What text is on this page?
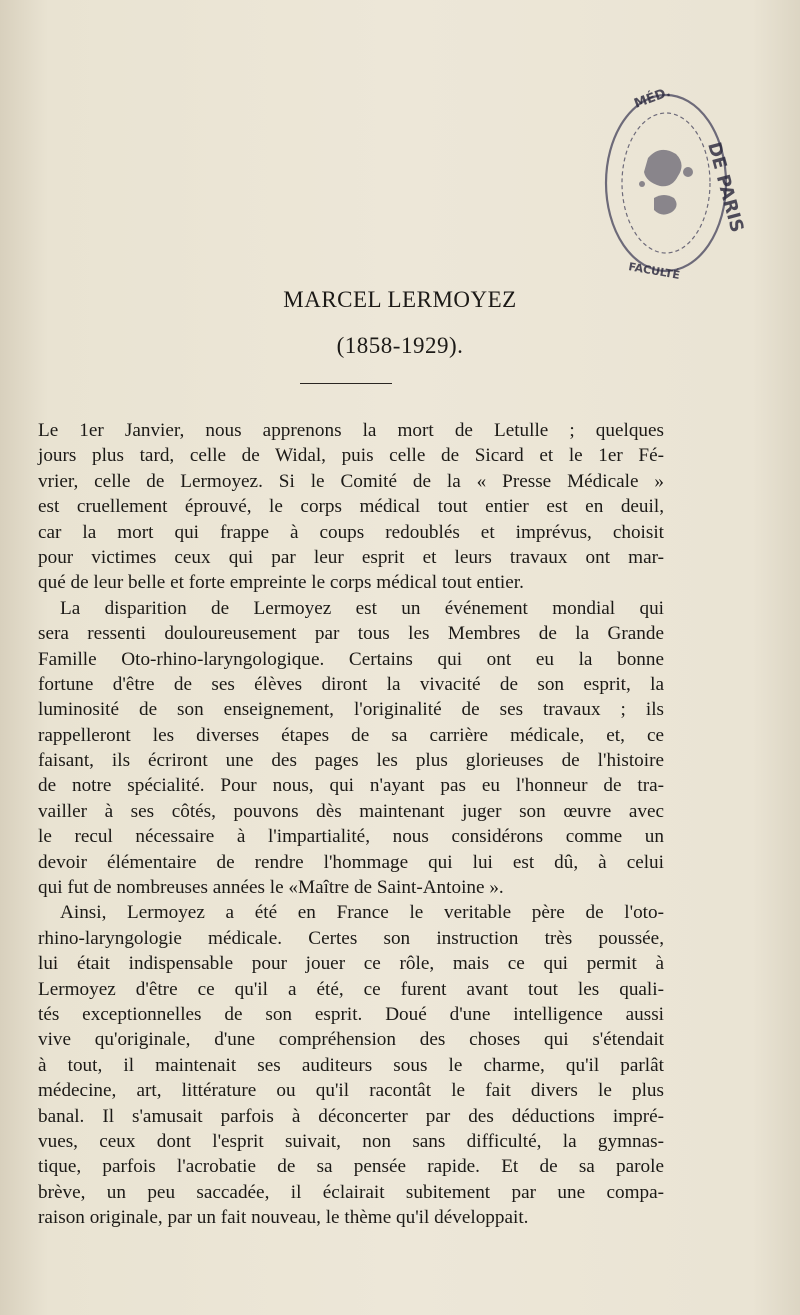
DE PARIS
MÉD.
FACULTÉ
MARCEL LERMOYEZ
(1858-1929).
Le 1er Janvier, nous apprenons la mort de Letulle ; quelques
jours plus tard, celle de Widal, puis celle de Sicard et le 1er Fé-
vrier, celle de Lermoyez. Si le Comité de la « Presse Médicale »
est cruellement éprouvé, le corps médical tout entier est en deuil,
car la mort qui frappe à coups redoublés et imprévus, choisit
pour victimes ceux qui par leur esprit et leurs travaux ont mar-
qué de leur belle et forte empreinte le corps médical tout entier.
La disparition de Lermoyez est un événement mondial qui
sera ressenti douloureusement par tous les Membres de la Grande
Famille Oto-rhino-laryngologique. Certains qui ont eu la bonne
fortune d'être de ses élèves diront la vivacité de son esprit, la
luminosité de son enseignement, l'originalité de ses travaux ; ils
rappelleront les diverses étapes de sa carrière médicale, et, ce
faisant, ils écriront une des pages les plus glorieuses de l'histoire
de notre spécialité. Pour nous, qui n'ayant pas eu l'honneur de tra-
vailler à ses côtés, pouvons dès maintenant juger son œuvre avec
le recul nécessaire à l'impartialité, nous considérons comme un
devoir élémentaire de rendre l'hommage qui lui est dû, à celui
qui fut de nombreuses années le «Maître de Saint-Antoine ».
Ainsi, Lermoyez a été en France le veritable père de l'oto-
rhino-laryngologie médicale. Certes son instruction très poussée,
lui était indispensable pour jouer ce rôle, mais ce qui permit à
Lermoyez d'être ce qu'il a été, ce furent avant tout les quali-
tés exceptionnelles de son esprit. Doué d'une intelligence aussi
vive qu'originale, d'une compréhension des choses qui s'étendait
à tout, il maintenait ses auditeurs sous le charme, qu'il parlât
médecine, art, littérature ou qu'il racontât le fait divers le plus
banal. Il s'amusait parfois à déconcerter par des déductions impré-
vues, ceux dont l'esprit suivait, non sans difficulté, la gymnas-
tique, parfois l'acrobatie de sa pensée rapide. Et de sa parole
brève, un peu saccadée, il éclairait subitement par une compa-
raison originale, par un fait nouveau, le thème qu'il développait.
